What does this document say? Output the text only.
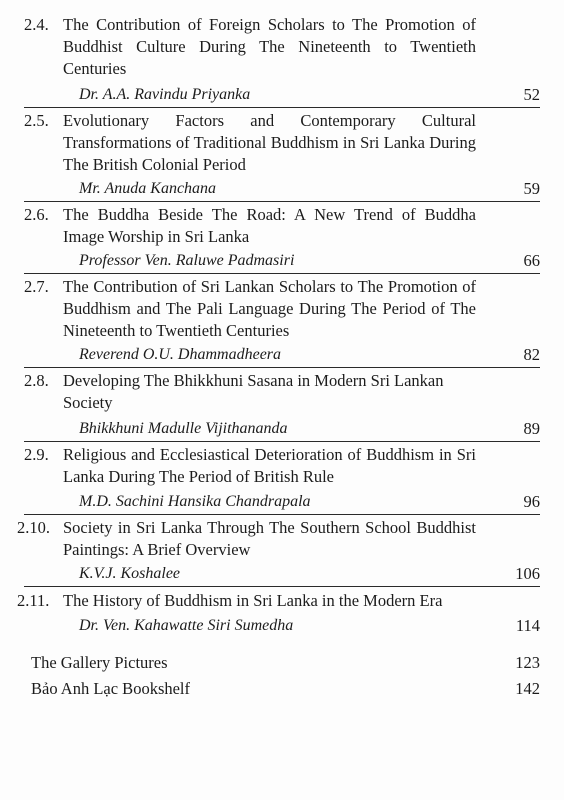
2.4. The Contribution of Foreign Scholars to The Promotion of Buddhist Culture During The Nineteenth to Twentieth Centuries
Dr. A.A. Ravindu Priyanka	52
2.5. Evolutionary Factors and Contemporary Cultural Transformations of Traditional Buddhism in Sri Lanka During The British Colonial Period
Mr. Anuda Kanchana	59
2.6. The Buddha Beside The Road: A New Trend of Buddha Image Worship in Sri Lanka
Professor Ven. Raluwe Padmasiri	66
2.7. The Contribution of Sri Lankan Scholars to The Promotion of Buddhism and The Pali Language During The Period of The Nineteenth to Twentieth Centuries
Reverend O.U. Dhammadheera	82
2.8. Developing The Bhikkhuni Sasana in Modern Sri Lankan Society
Bhikkhuni Madulle Vijithananda	89
2.9. Religious and Ecclesiastical Deterioration of Buddhism in Sri Lanka During The Period of British Rule
M.D. Sachini Hansika Chandrapala	96
2.10. Society in Sri Lanka Through The Southern School Buddhist Paintings: A Brief Overview
K.V.J. Koshalee	106
2.11. The History of Buddhism in Sri Lanka in the Modern Era
Dr. Ven. Kahawatte Siri Sumedha	114
The Gallery Pictures	123
Bảo Anh Lạc Bookshelf	142
